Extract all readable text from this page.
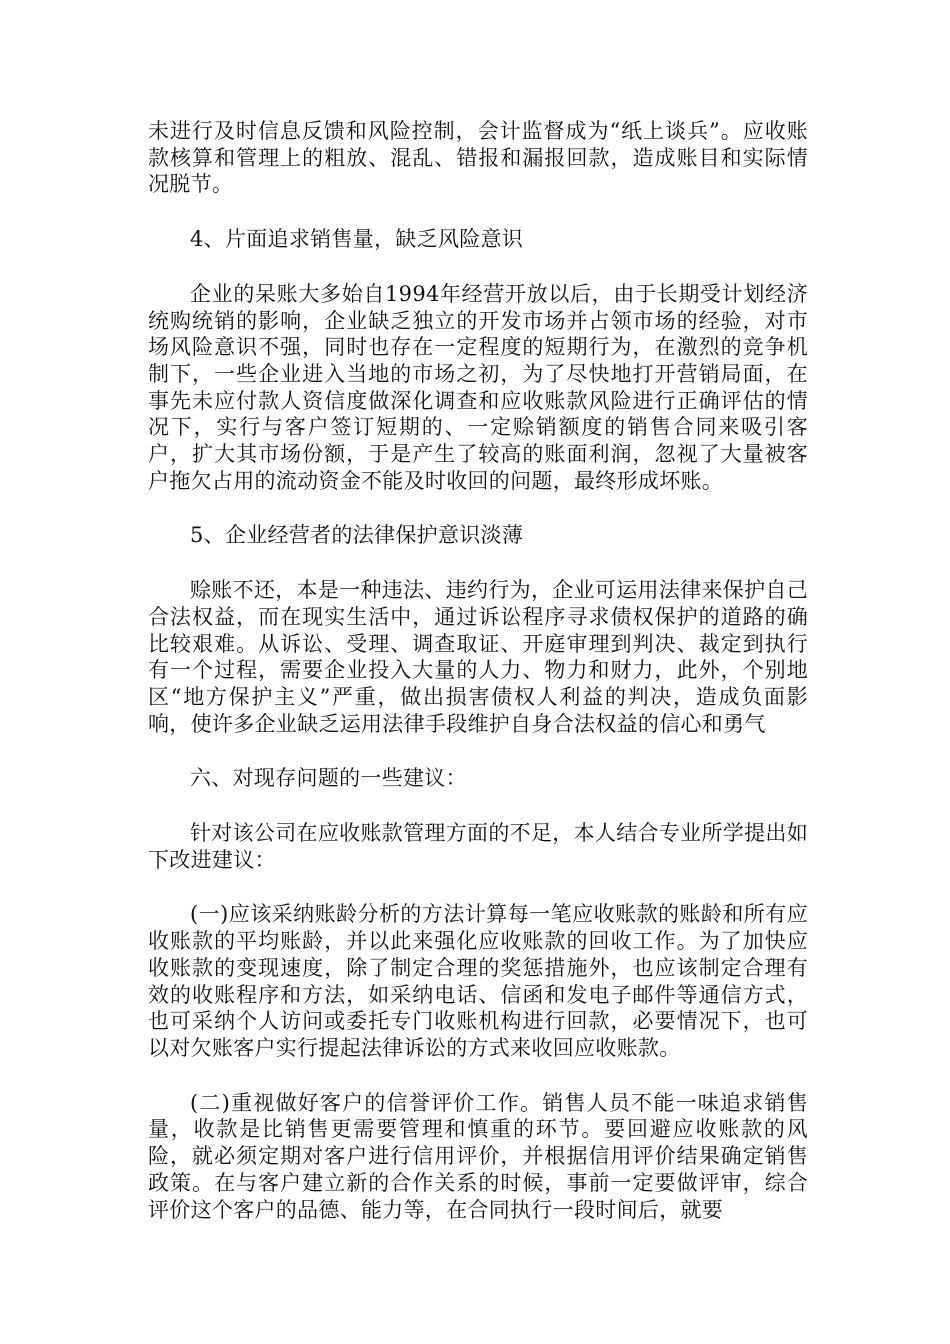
未进行及时信息反馈和风险控制，会计监督成为“纸上谈兵”。应收账款核算和管理上的粗放、混乱、错报和漏报回款，造成账目和实际情况脱节。

4、片面追求销售量，缺乏风险意识

企业的呆账大多始自1994年经营开放以后，由于长期受计划经济统购统销的影响，企业缺乏独立的开发市场并占领市场的经验，对市场风险意识不强，同时也存在一定程度的短期行为，在激烈的竞争机制下，一些企业进入当地的市场之初，为了尽快地打开营销局面，在事先未应付款人资信度做深化调查和应收账款风险进行正确评估的情况下，实行与客户签订短期的、一定赊销额度的销售合同来吸引客户，扩大其市场份额，于是产生了较高的账面利润，忽视了大量被客户拖欠占用的流动资金不能及时收回的问题，最终形成坏账。

5、企业经营者的法律保护意识淡薄

赊账不还，本是一种违法、违约行为，企业可运用法律来保护自己合法权益，而在现实生活中，通过诉讼程序寻求债权保护的道路的确比较艰难。从诉讼、受理、调查取证、开庭审理到判决、裁定到执行有一个过程，需要企业投入大量的人力、物力和财力，此外，个别地区“地方保护主义”严重，做出损害债权人利益的判决，造成负面影响，使许多企业缺乏运用法律手段维护自身合法权益的信心和勇气

六、对现存问题的一些建议：

针对该公司在应收账款管理方面的不足，本人结合专业所学提出如下改进建议：

(一)应该采纳账龄分析的方法计算每一笔应收账款的账龄和所有应收账款的平均账龄，并以此来强化应收账款的回收工作。为了加快应收账款的变现速度，除了制定合理的奖惩措施外，也应该制定合理有效的收账程序和方法，如采纳电话、信函和发电子邮件等通信方式，也可采纳个人访问或委托专门收账机构进行回款，必要情况下，也可以对欠账客户实行提起法律诉讼的方式来收回应收账款。

(二)重视做好客户的信誉评价工作。销售人员不能一味追求销售量，收款是比销售更需要管理和慎重的环节。要回避应收账款的风险，就必须定期对客户进行信用评价，并根据信用评价结果确定销售政策。在与客户建立新的合作关系的时候，事前一定要做评审，综合评价这个客户的品德、能力等，在合同执行一段时间后，就要
